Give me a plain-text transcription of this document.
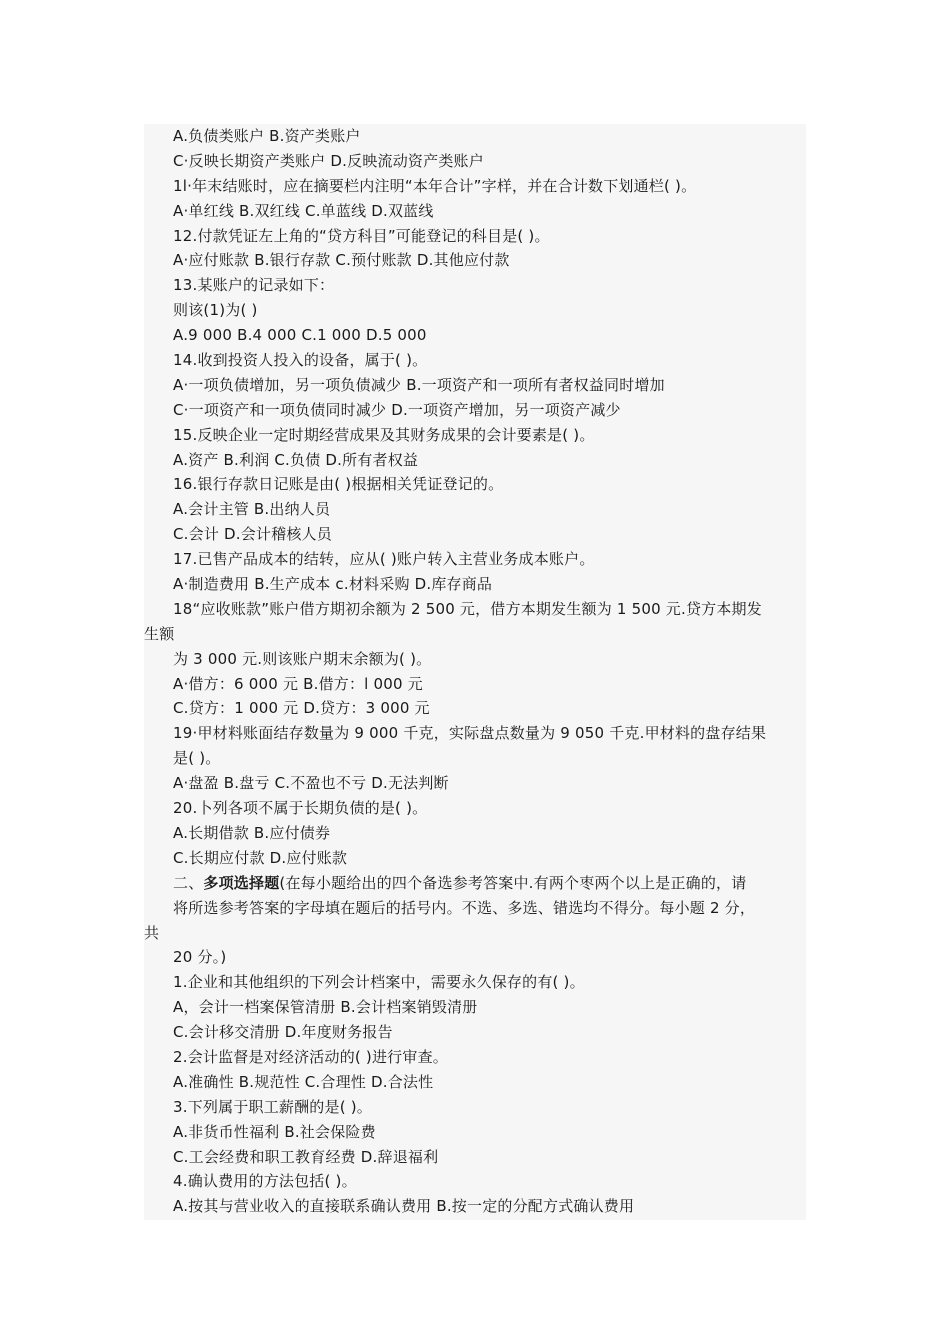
A.负债类账户 B.资产类账户
C·反映长期资产类账户 D.反映流动资产类账户
1l·年末结账时，应在摘要栏内注明“本年合计”字样，并在合计数下划通栏( )。
A·单红线 B.双红线 C.单蓝线 D.双蓝线
12.付款凭证左上角的“贷方科目”可能登记的科目是( )。
A·应付账款 B.银行存款 C.预付账款 D.其他应付款
13.某账户的记录如下：
则该(1)为( )
A.9 000 B.4 000 C.1 000 D.5 000
14.收到投资人投入的设备，属于( )。
A·一项负债增加，另一项负债减少 B.一项资产和一项所有者权益同时增加
C·一项资产和一项负债同时减少 D.一项资产增加，另一项资产减少
15.反映企业一定时期经营成果及其财务成果的会计要素是( )。
A.资产 B.利润 C.负债 D.所有者权益
16.银行存款日记账是由( )根据相关凭证登记的。
A.会计主管 B.出纳人员
C.会计 D.会计稽核人员
17.已售产品成本的结转，应从( )账户转入主营业务成本账户。
A·制造费用 B.生产成本 c.材料采购 D.库存商品
18“应收账款”账户借方期初余额为 2 500 元，借方本期发生额为 1 500 元.贷方本期发
生额
为 3 000 元.则该账户期末余额为( )。
A·借方：6 000 元 B.借方：l 000 元
C.贷方：1 000 元 D.贷方：3 000 元
19·甲材料账面结存数量为 9 000 千克，实际盘点数量为 9 050 千克.甲材料的盘存结果
是( )。
A·盘盈 B.盘亏 C.不盈也不亏 D.无法判断
20.卜列各项不属于长期负债的是( )。
A.长期借款 B.应付债券
C.长期应付款 D.应付账款
二、多项选择题(在每小题给出的四个备选参考答案中.有两个枣两个以上是正确的，请
将所选参考答案的字母填在题后的括号内。不选、多选、错选均不得分。每小题 2 分，
共
20 分。)
1.企业和其他组织的下列会计档案中，需要永久保存的有( )。
A，会计一档案保管清册 B.会计档案销毁清册
C.会计移交清册 D.年度财务报告
2.会计监督是对经济活动的( )进行审查。
A.准确性 B.规范性 C.合理性 D.合法性
3.下列属于职工薪酬的是( )。
A.非货币性福利 B.社会保险费
C.工会经费和职工教育经费 D.辞退福利
4.确认费用的方法包括( )。
A.按其与营业收入的直接联系确认费用 B.按一定的分配方式确认费用
